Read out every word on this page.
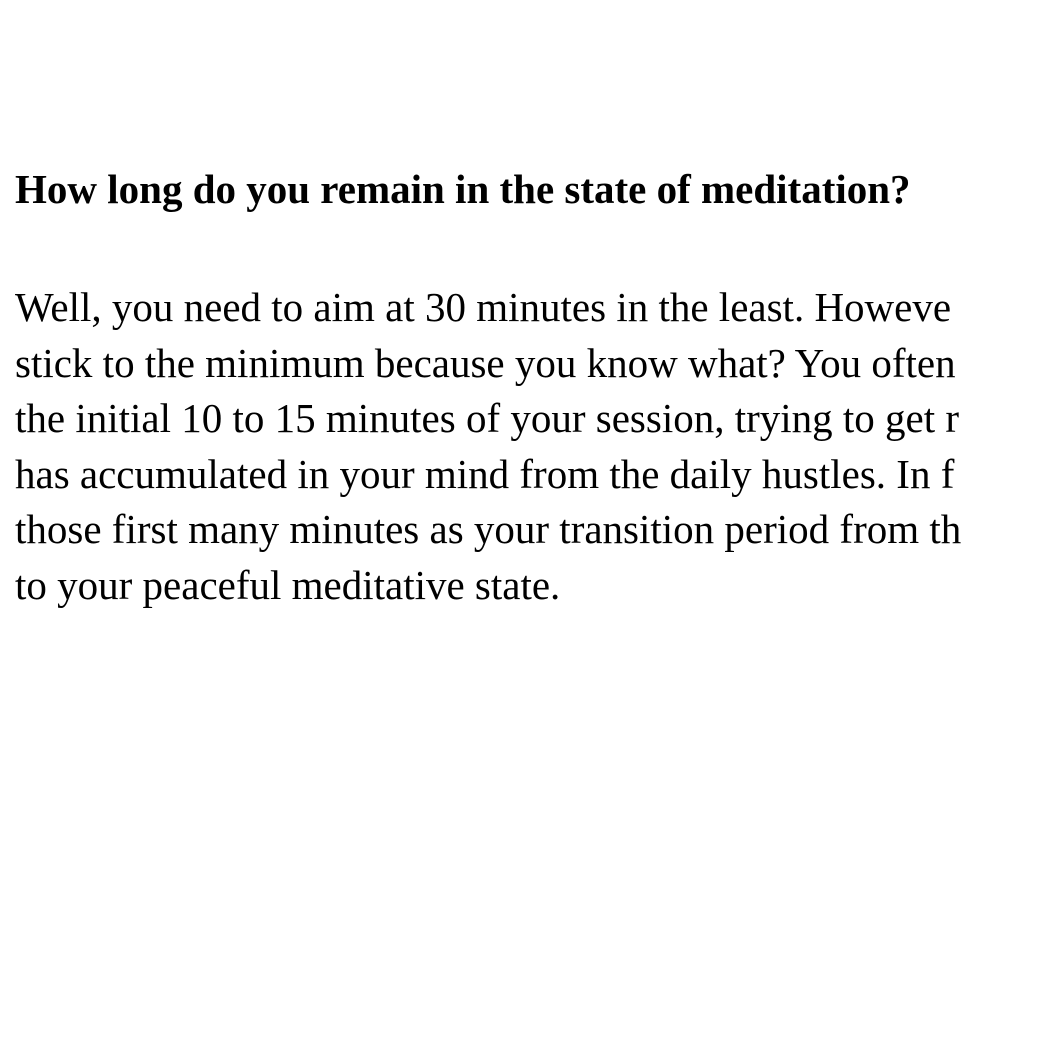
How long do you remain in the state of meditation?

Well, you need to aim at 30 minutes in the least. Howeve
stick to the minimum because you know what? You often
the initial 10 to 15 minutes of your session, trying to get r
has accumulated in your mind from the daily hustles. In f
those first many minutes as your transition period from th
to your peaceful meditative state.
